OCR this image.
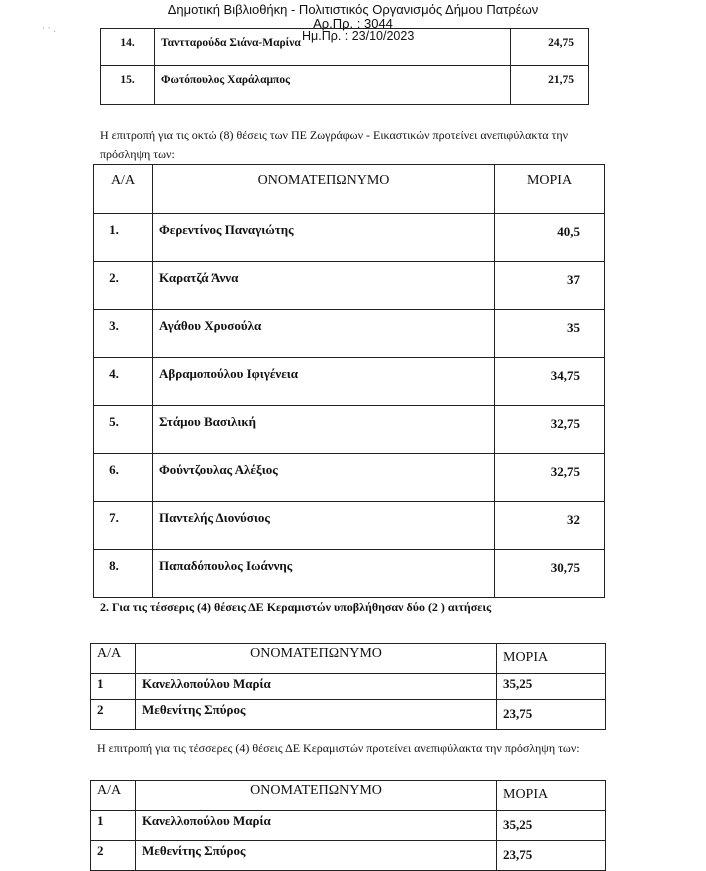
Δημοτική Βιβλιοθήκη - Πολιτιστικός Οργανισμός Δήμου Πατρέων
Αρ.Πρ. : 3044
᾿ ᾽ ·
14.	Ταντταρούδα Σιάνα-Μαρίνα	24,75
15.	Φωτόπουλος Χαράλαμπος	21,75
Ημ.Πρ. : 23/10/2023
Η επιτροπή για τις οκτώ (8) θέσεις των ΠΕ Ζωγράφων - Εικαστικών προτείνει ανεπιφύλακτα την πρόσληψη των:
Α/Α	ΟΝΟΜΑΤΕΠΩΝΥΜΟ	ΜΟΡΙΑ
1.	Φερεντίνος Παναγιώτης	40,5
2.	Καρατζά Άννα	37
3.	Αγάθου Χρυσούλα	35
4.	Αβραμοπούλου Ιφιγένεια	34,75
5.	Στάμου Βασιλική	32,75
6.	Φούντζουλας Αλέξιος	32,75
7.	Παντελής Διονύσιος	32
8.	Παπαδόπουλος Ιωάννης	30,75
2. Για τις τέσσερις (4) θέσεις ΔΕ Κεραμιστών υποβλήθησαν δύο (2 ) αιτήσεις
Α/Α	ΟΝΟΜΑΤΕΠΩΝΥΜΟ	ΜΟΡΙΑ
1	Κανελλοπούλου Μαρία	35,25
2	Μεθενίτης Σπύρος	23,75
Η επιτροπή για τις τέσσερες (4) θέσεις ΔΕ Κεραμιστών προτείνει ανεπιφύλακτα την πρόσληψη των:
Α/Α	ΟΝΟΜΑΤΕΠΩΝΥΜΟ	ΜΟΡΙΑ
1	Κανελλοπούλου Μαρία	35,25
2	Μεθενίτης Σπύρος	23,75
